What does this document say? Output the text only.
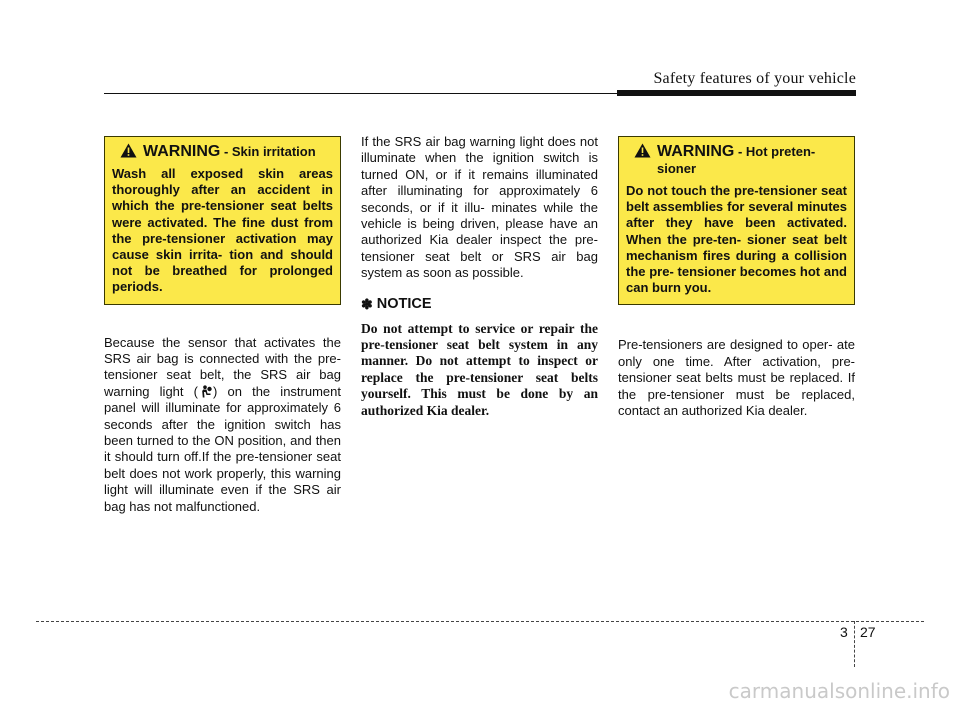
Safety features of your vehicle
WARNING - Skin irritation
Wash all exposed skin areas thoroughly after an accident in which the pre-tensioner seat belts were activated. The fine dust from the pre-tensioner activation may cause skin irrita- tion and should not be breathed for prolonged periods.

Because the sensor that activates the SRS air bag is connected with the pre-tensioner seat belt, the SRS air bag warning light ( ) on the instrument panel will illuminate for approximately 6 seconds after the ignition switch has been turned to the ON position, and then it should turn off.If the pre-tensioner seat belt does not work properly, this warning light will illuminate even if the SRS air bag has not malfunctioned.

If the SRS air bag warning light does not illuminate when the ignition switch is turned ON, or if it remains illuminated after illuminating for approximately 6 seconds, or if it illu- minates while the vehicle is being driven, please have an authorized Kia dealer inspect the pre-tensioner seat belt or SRS air bag system as soon as possible.

✽ NOTICE

Do not attempt to service or repair the pre-tensioner seat belt system in any manner. Do not attempt to inspect or replace the pre-tensioner seat belts yourself. This must be done by an authorized Kia dealer.

WARNING - Hot preten- sioner
Do not touch the pre-tensioner seat belt assemblies for several minutes after they have been activated. When the pre-ten- sioner seat belt mechanism fires during a collision the pre- tensioner becomes hot and can burn you.

Pre-tensioners are designed to oper- ate only one time. After activation, pre-tensioner seat belts must be replaced. If the pre-tensioner must be replaced, contact an authorized Kia dealer.

3 27
carmanualsonline.info
